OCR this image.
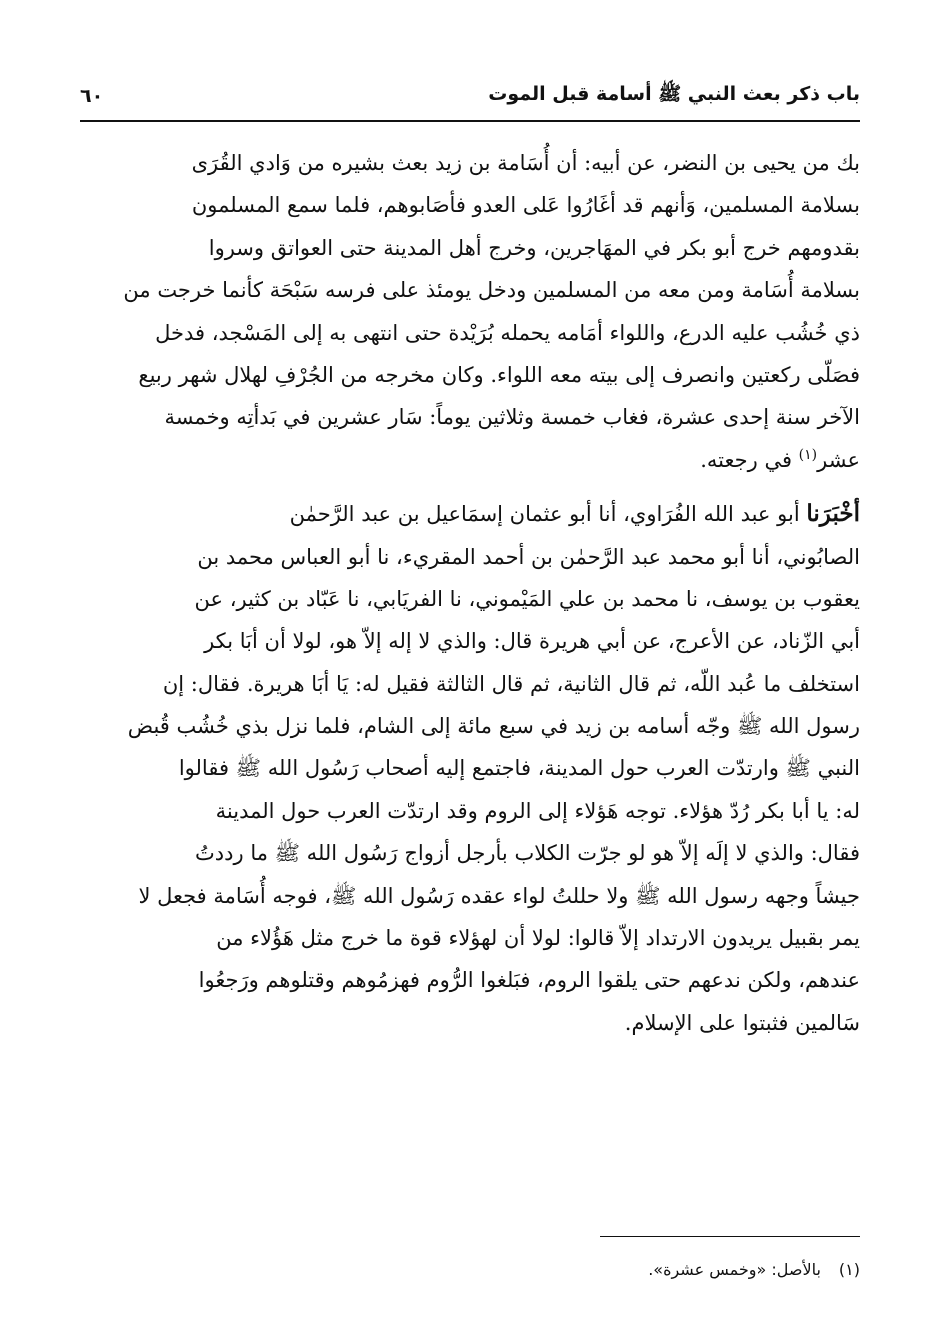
باب ذكر بعث النبي ﷺ أسامة قبل الموت
٦٠
بك من يحيى بن النضر، عن أبيه: أن أُسَامة بن زيد بعث بشيره من وَادي القُرَى
بسلامة المسلمين، وَأنهم قد أغَارُوا عَلى العدو فأصَابوهم، فلما سمع المسلمون
بقدومهم خرج أبو بكر في المهَاجرين، وخرج أهل المدينة حتى العواتق وسروا
بسلامة أُسَامة ومن معه من المسلمين ودخل يومئذ على فرسه سَبْحَة كأنما خرجت من
ذي خُشُب عليه الدرع، واللواء أمَامه يحمله بُرَيْدة حتى انتهى به إلى المَسْجد، فدخل
فصَلّى ركعتين وانصرف إلى بيته معه اللواء. وكان مخرجه من الجُرْفِ لهلال شهر ربيع
الآخر سنة إحدى عشرة، فغاب خمسة وثلاثين يوماً: سَار عشرين في بَدأتِه وخمسة
عشر$^{(١)}$ في رجعته.
أخْبَرَنا أبو عبد الله الفُرَاوي، أنا أبو عثمان إسمَاعيل بن عبد الرَّحمٰن
الصابُوني، أنا أبو محمد عبد الرَّحمٰن بن أحمد المقريء، نا أبو العباس محمد بن
يعقوب بن يوسف، نا محمد بن علي المَيْموني، نا الفريَابي، نا عَبّاد بن كثير، عن
أبي الزّناد، عن الأعرج، عن أبي هريرة قال: والذي لا إله إلاّ هو، لولا أن أبَا بكر
استخلف ما عُبد اللّه، ثم قال الثانية، ثم قال الثالثة فقيل له: يَا أبَا هريرة. فقال: إن
رسول الله ﷺ وجّه أسامه بن زيد في سبع مائة إلى الشام، فلما نزل بذي خُشُب قُبض
النبي ﷺ وارتدّت العرب حول المدينة، فاجتمع إليه أصحاب رَسُول الله ﷺ فقالوا
له: يا أبا بكر رُدّ هؤلاء. توجه هَؤلاء إلى الروم وقد ارتدّت العرب حول المدينة
فقال: والذي لا إلَه إلاّ هو لو جرّت الكلاب بأرجل أزواج رَسُول الله ﷺ ما رددتُ
جيشاً وجهه رسول الله ﷺ ولا حللتُ لواء عقده رَسُول الله ﷺ، فوجه أُسَامة فجعل لا
يمر بقبيل يريدون الارتداد إلاّ قالوا: لولا أن لهؤلاء قوة ما خرج مثل هَؤُلاء من
عندهم، ولكن ندعهم حتى يلقوا الروم، فبَلغوا الرُّوم فهزمُوهم وقتلوهم ورَجعُوا
سَالمين فثبتوا على الإسلام.
(١)بالأصل: «وخمس عشرة».
